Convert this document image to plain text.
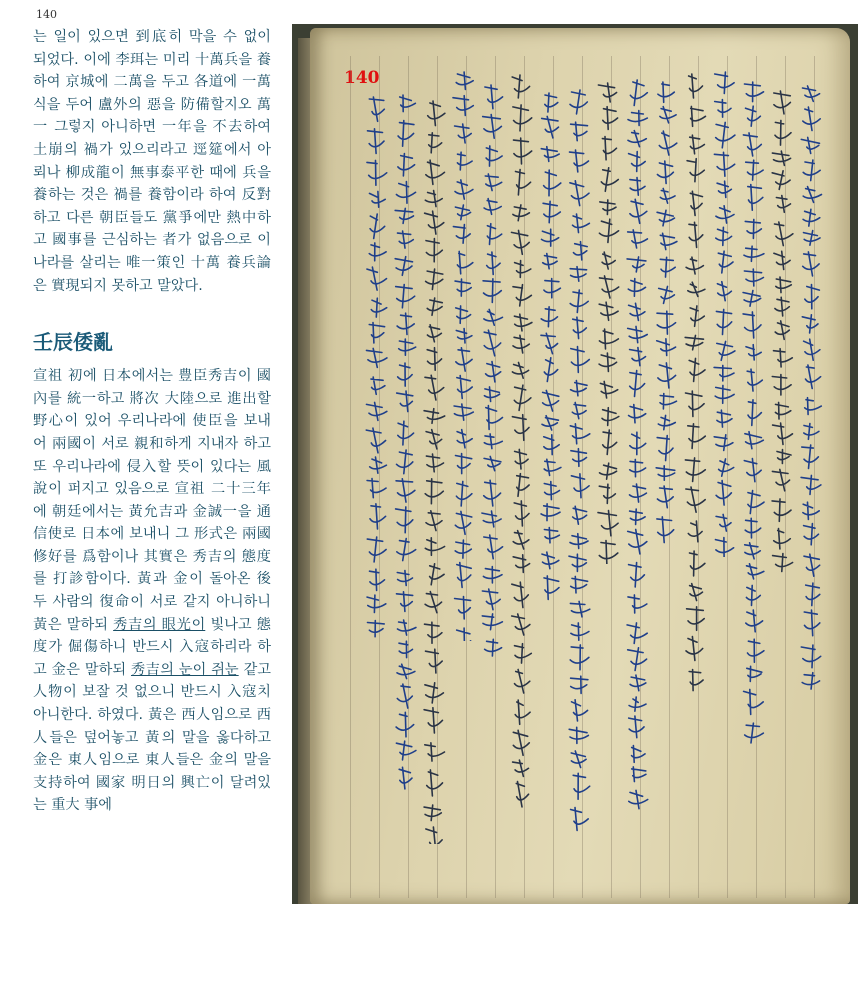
140

는 일이 있으면 到底히 막을 수 없이 되었다. 이에 李珥는 미리 十萬兵을 養하여 京城에 二萬을 두고 各道에 一萬식을 두어 盧外의 惡을 防備할지오 萬一 그렇지 아니하면 一年을 不去하여 土崩의 禍가 있으리라고 逕筵에서 아뢰나 柳成龍이 無事泰平한 때에 兵을 養하는 것은 禍를 養함이라 하여 反對하고 다른 朝臣들도 黨爭에만 熱中하고 國事를 근심하는 者가 없음으로 이 나라를 살리는 唯一策인 十萬 養兵論은 實現되지 못하고 말았다.

壬辰倭亂

宣祖 初에 日本에서는 豊臣秀吉이 國內를 統一하고 將次 大陸으로 進出할 野心이 있어 우리나라에 使臣을 보내어 兩國이 서로 親和하게 지내자 하고 또 우리나라에 侵入할 뜻이 있다는 風說이 퍼지고 있음으로 宣祖 二十三年에 朝廷에서는 黃允吉과 金誠一을 通信使로 日本에 보내니 그 形式은 兩國 修好를 爲함이나 其實은 秀吉의 態度를 打診함이다. 黃과 金이 돌아온 後 두 사람의 復命이 서로 같지 아니하니 黃은 말하되 秀吉의 眼光이 빛나고 態度가 倔傷하니 반드시 入寇하리라 하고 金은 말하되 秀吉의 눈이 쥐눈 같고 人物이 보잘 것 없으니 반드시 入寇치 아니한다. 하였다. 黃은 西人임으로 西人들은 덮어놓고 黃의 말을 옳다하고 金은 東人임으로 東人들은 金의 말을 支持하여 國家 明日의 興亡이 달려있는 重大 事에

140
